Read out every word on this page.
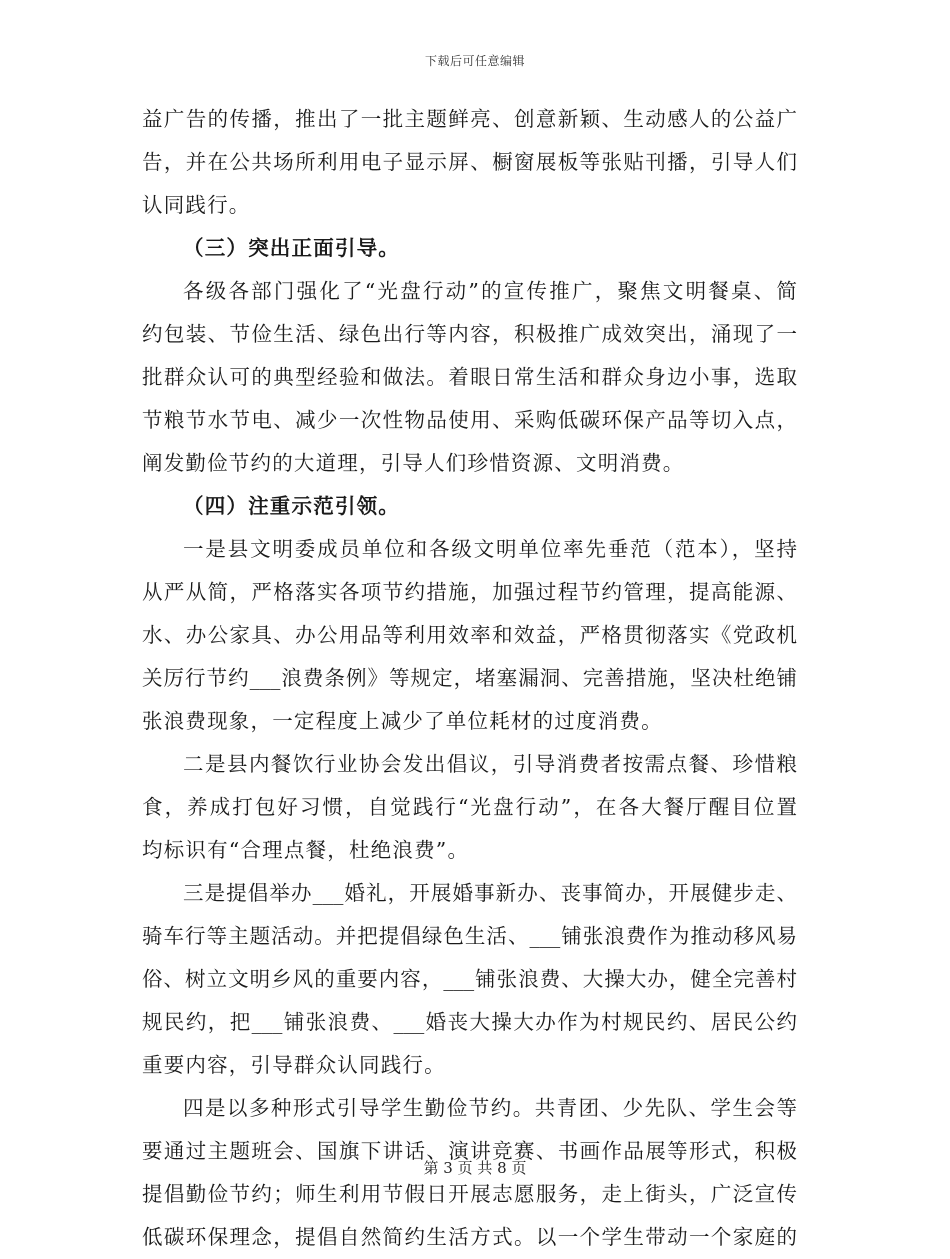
下载后可任意编辑
益广告的传播，推出了一批主题鲜亮、创意新颖、生动感人的公益广
告，并在公共场所利用电子显示屏、橱窗展板等张贴刊播，引导人们
认同践行。
（三）突出正面引导。
各级各部门强化了“光盘行动”的宣传推广，聚焦文明餐桌、简
约包装、节俭生活、绿色出行等内容，积极推广成效突出，涌现了一
批群众认可的典型经验和做法。着眼日常生活和群众身边小事，选取
节粮节水节电、减少一次性物品使用、采购低碳环保产品等切入点，
阐发勤俭节约的大道理，引导人们珍惜资源、文明消费。
（四）注重示范引领。
一是县文明委成员单位和各级文明单位率先垂范（范本），坚持
从严从简，严格落实各项节约措施，加强过程节约管理，提高能源、
水、办公家具、办公用品等利用效率和效益，严格贯彻落实《党政机
关厉行节约___浪费条例》等规定，堵塞漏洞、完善措施，坚决杜绝铺
张浪费现象，一定程度上减少了单位耗材的过度消费。
二是县内餐饮行业协会发出倡议，引导消费者按需点餐、珍惜粮
食，养成打包好习惯，自觉践行“光盘行动”，在各大餐厅醒目位置
均标识有“合理点餐，杜绝浪费”。
三是提倡举办___婚礼，开展婚事新办、丧事简办，开展健步走、
骑车行等主题活动。并把提倡绿色生活、___铺张浪费作为推动移风易
俗、树立文明乡风的重要内容，___铺张浪费、大操大办，健全完善村
规民约，把___铺张浪费、___婚丧大操大办作为村规民约、居民公约
重要内容，引导群众认同践行。
四是以多种形式引导学生勤俭节约。共青团、少先队、学生会等
要通过主题班会、国旗下讲话、演讲竞赛、书画作品展等形式，积极
提倡勤俭节约；师生利用节假日开展志愿服务，走上街头，广泛宣传
低碳环保理念，提倡自然简约生活方式。以一个学生带动一个家庭的
第 3 页 共 8 页
